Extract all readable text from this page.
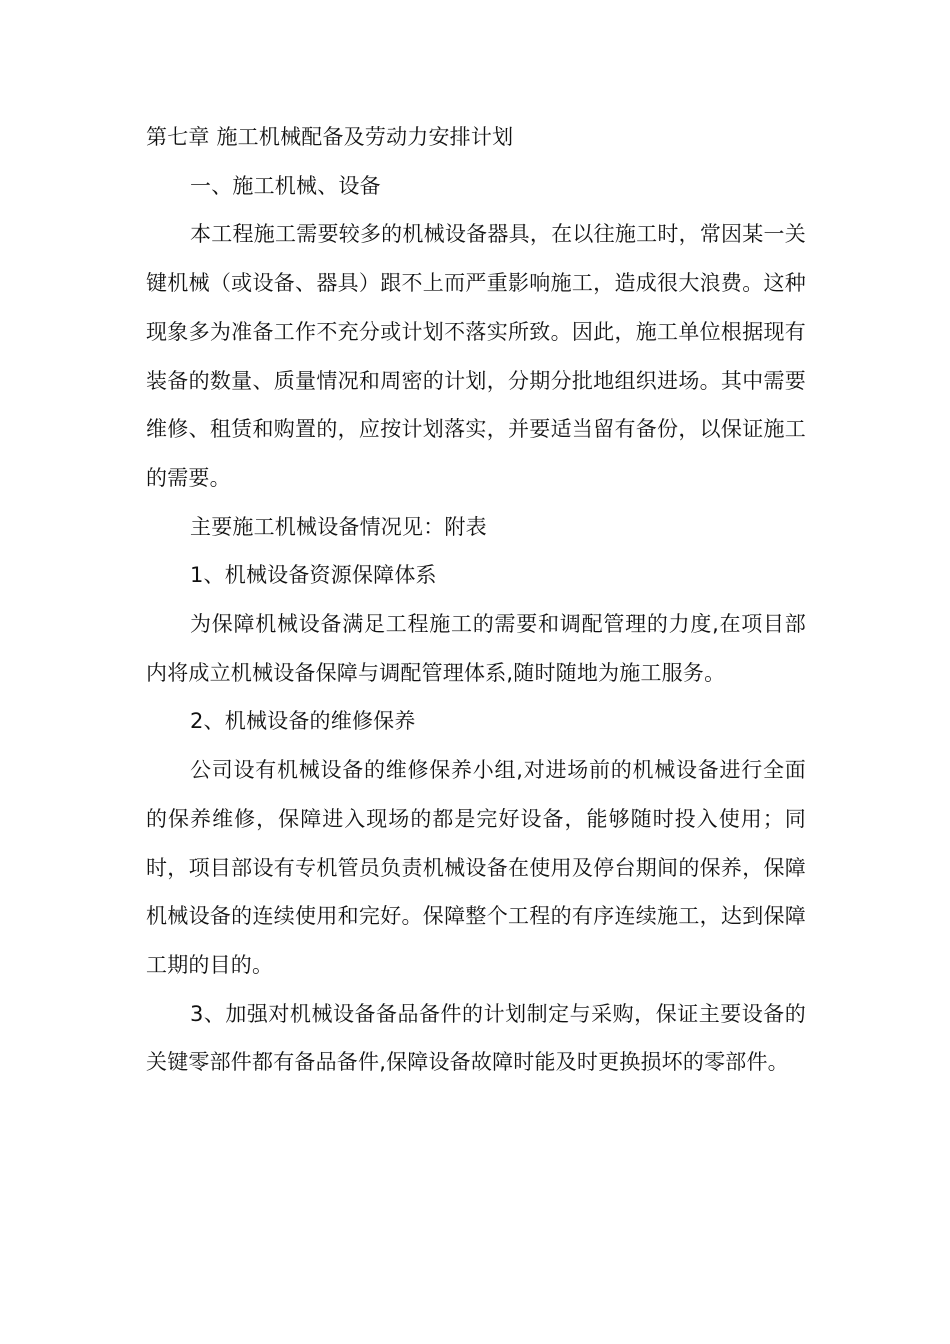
第七章 施工机械配备及劳动力安排计划

一、施工机械、设备

本工程施工需要较多的机械设备器具，在以往施工时，常因某一关键机械（或设备、器具）跟不上而严重影响施工，造成很大浪费。这种现象多为准备工作不充分或计划不落实所致。因此，施工单位根据现有装备的数量、质量情况和周密的计划，分期分批地组织进场。其中需要维修、租赁和购置的，应按计划落实，并要适当留有备份，以保证施工的需要。

主要施工机械设备情况见：附表

1、机械设备资源保障体系

为保障机械设备满足工程施工的需要和调配管理的力度,在项目部内将成立机械设备保障与调配管理体系,随时随地为施工服务。

2、机械设备的维修保养

公司设有机械设备的维修保养小组,对进场前的机械设备进行全面的保养维修，保障进入现场的都是完好设备，能够随时投入使用；同时，项目部设有专机管员负责机械设备在使用及停台期间的保养，保障机械设备的连续使用和完好。保障整个工程的有序连续施工，达到保障工期的目的。

3、加强对机械设备备品备件的计划制定与采购，保证主要设备的关键零部件都有备品备件,保障设备故障时能及时更换损坏的零部件。
